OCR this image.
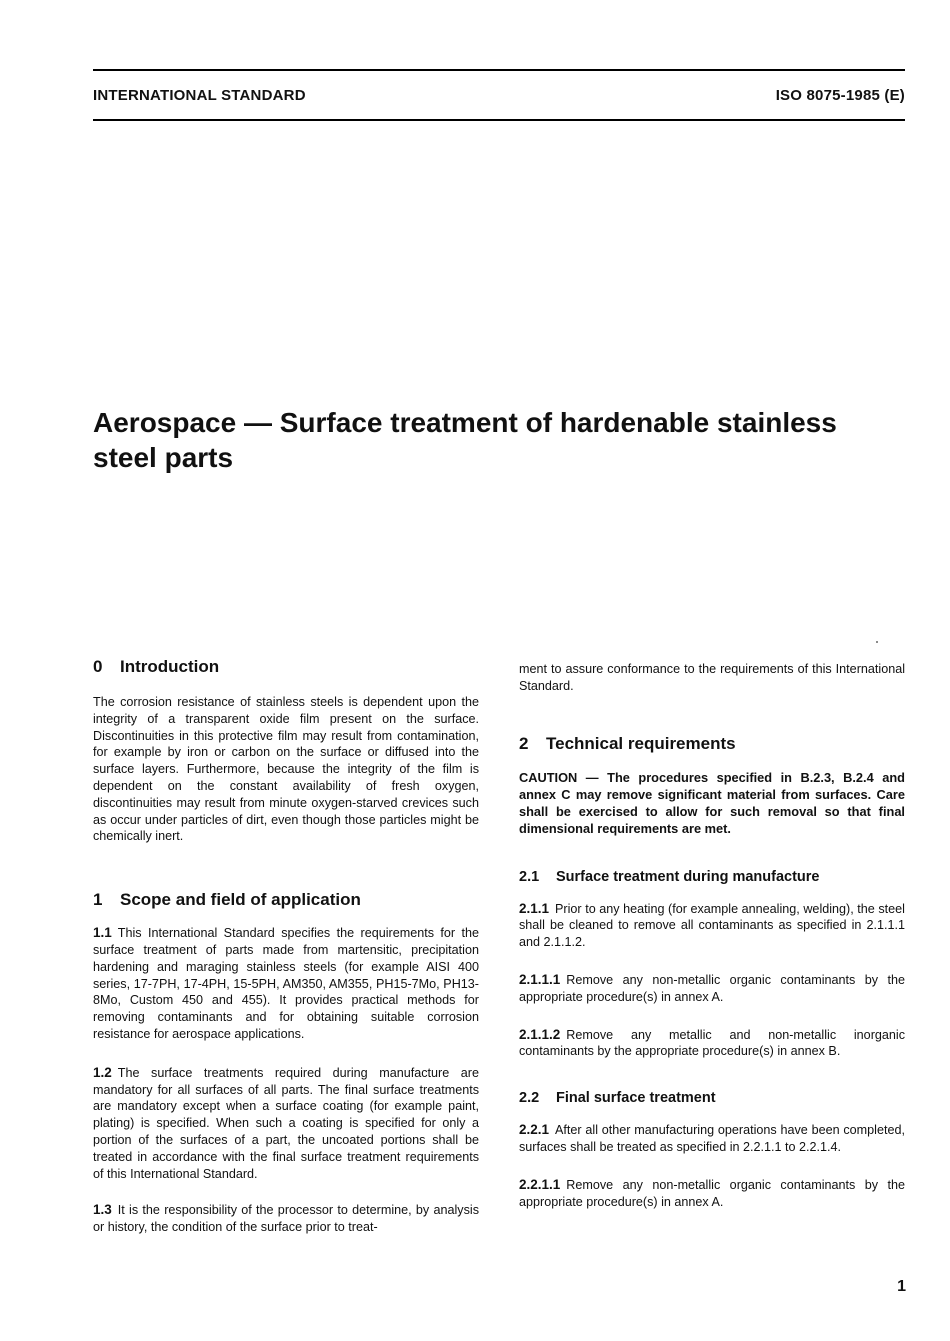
INTERNATIONAL STANDARD	ISO 8075-1985 (E)
Aerospace — Surface treatment of hardenable stainless
steel parts
0 Introduction

The corrosion resistance of stainless steels is dependent upon the integrity of a transparent oxide film present on the surface. Discontinuities in this protective film may result from contamination, for example by iron or carbon on the surface or diffused into the surface layers. Furthermore, because the integrity of the film is dependent on the constant availability of fresh oxygen, discontinuities may result from minute oxygen-starved crevices such as occur under particles of dirt, even though those particles might be chemically inert.

1 Scope and field of application

1.1 This International Standard specifies the requirements for the surface treatment of parts made from martensitic, precipitation hardening and maraging stainless steels (for example AISI 400 series, 17-7PH, 17-4PH, 15-5PH, AM350, AM355, PH15-7Mo, PH13-8Mo, Custom 450 and 455). It provides practical methods for removing contaminants and for obtaining suitable corrosion resistance for aerospace applications.

1.2 The surface treatments required during manufacture are mandatory for all surfaces of all parts. The final surface treatments are mandatory except when a surface coating (for example paint, plating) is specified. When such a coating is specified for only a portion of the surfaces of a part, the uncoated portions shall be treated in accordance with the final surface treatment requirements of this International Standard.

1.3 It is the responsibility of the processor to determine, by analysis or history, the condition of the surface prior to treat-

ment to assure conformance to the requirements of this International Standard.

2 Technical requirements

CAUTION — The procedures specified in B.2.3, B.2.4 and annex C may remove significant material from surfaces. Care shall be exercised to allow for such removal so that final dimensional requirements are met.

2.1 Surface treatment during manufacture

2.1.1 Prior to any heating (for example annealing, welding), the steel shall be cleaned to remove all contaminants as specified in 2.1.1.1 and 2.1.1.2.

2.1.1.1 Remove any non-metallic organic contaminants by the appropriate procedure(s) in annex A.

2.1.1.2 Remove any metallic and non-metallic inorganic contaminants by the appropriate procedure(s) in annex B.

2.2 Final surface treatment

2.2.1 After all other manufacturing operations have been completed, surfaces shall be treated as specified in 2.2.1.1 to 2.2.1.4.

2.2.1.1 Remove any non-metallic organic contaminants by the appropriate procedure(s) in annex A.

1
